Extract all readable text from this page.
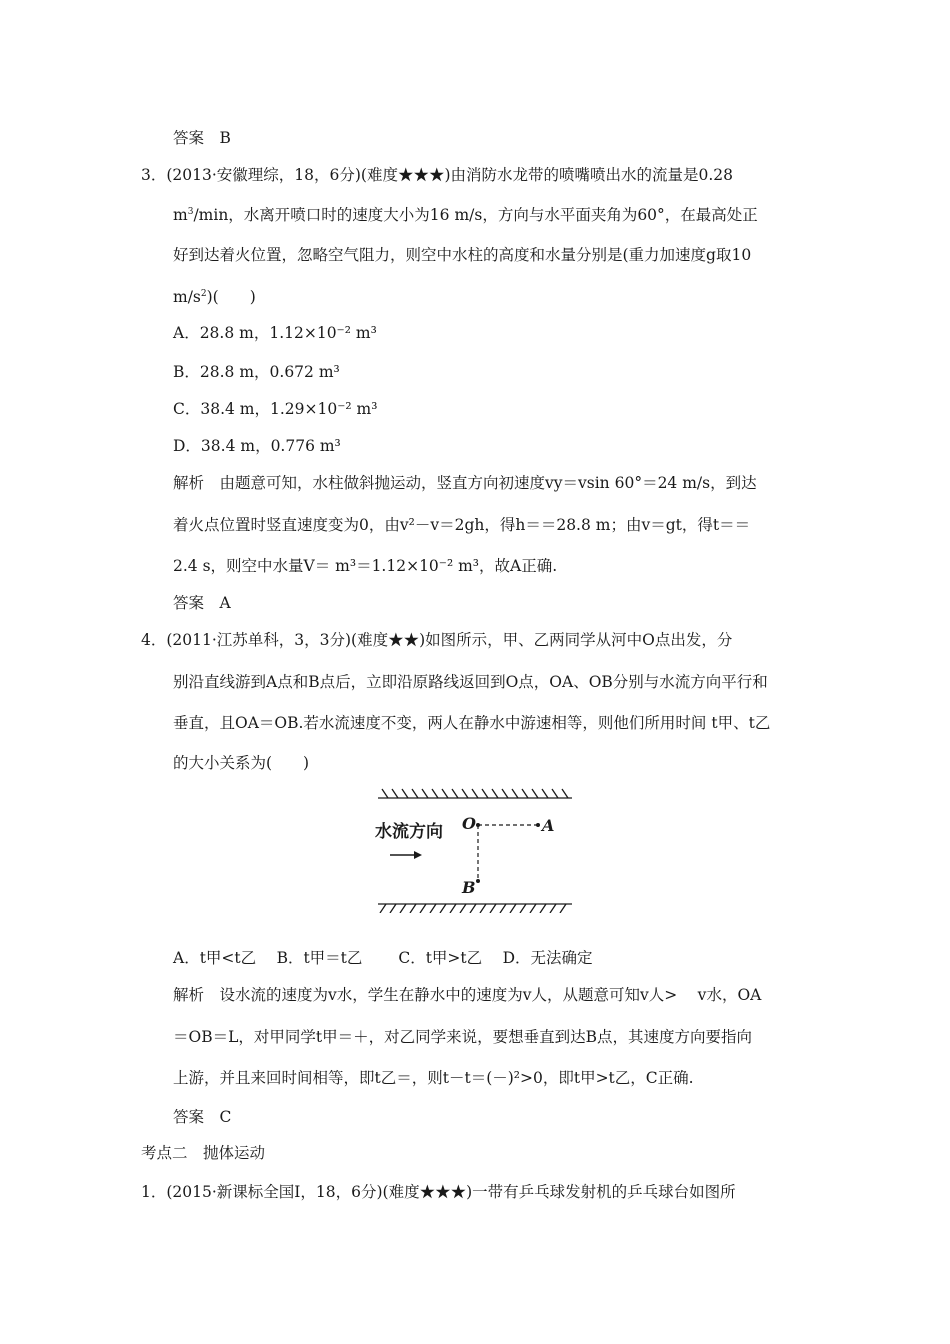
答案　B
3．(2013·安徽理综，18，6分)(难度★★★)由消防水龙带的喷嘴喷出水的流量是0.28
$m^3/\min$，水离开喷口时的速度大小为16 m/s，方向与水平面夹角为60°，在最高处正
好到达着火位置，忽略空气阻力，则空中水柱的高度和水量分别是(重力加速度g取10
$m/s^2$)(　　)
A．28.8 m，1.12×10⁻² m³
B．28.8 m，0.672 m³
C．38.4 m，1.29×10⁻² m³
D．38.4 m，0.776 m³
解析　由题意可知，水柱做斜抛运动，竖直方向初速度vy＝vsin 60°＝24 m/s，到达
着火点位置时竖直速度变为0，由v²－v＝2gh，得h＝＝28.8 m；由v＝gt，得t＝＝
2.4 s，则空中水量V＝ m³＝1.12×10⁻² m³，故A正确.
答案　A
4．(2011·江苏单科，3，3分)(难度★★)如图所示，甲、乙两同学从河中O点出发，分
别沿直线游到A点和B点后，立即沿原路线返回到O点，OA、OB分别与水流方向平行和
垂直，且OA＝OB.若水流速度不变，两人在静水中游速相等，则他们所用时间 t甲、t乙
的大小关系为(　　)
水流方向 O	A
B
A．t甲<t乙　 B．t甲＝t乙　　 C．t甲>t乙　 D．无法确定
解析　设水流的速度为v水，学生在静水中的速度为v人，从题意可知v人>　 v水，OA
＝OB＝L，对甲同学t甲＝＋，对乙同学来说，要想垂直到达B点，其速度方向要指向
上游，并且来回时间相等，即t乙＝，则t－t＝(－)²>0，即t甲>t乙，C正确.
答案　C
考点二　抛体运动
1．(2015·新课标全国Ⅰ，18，6分)(难度★★★)一带有乒乓球发射机的乒乓球台如图所
